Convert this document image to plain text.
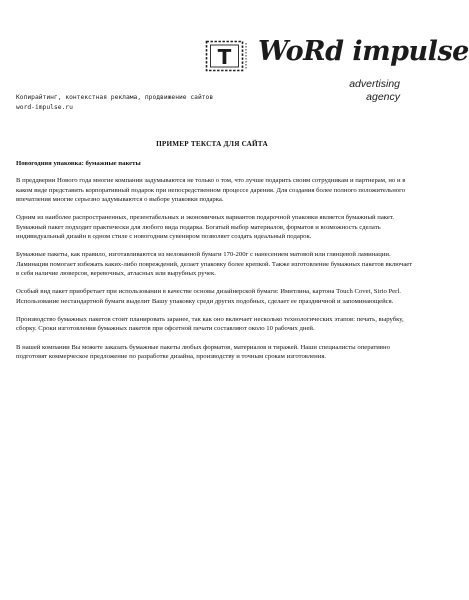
T WoRd impulse
advertising
agency
Копирайтинг, контекстная реклама, продвижение сайтов
word-impulse.ru
ПРИМЕР ТЕКСТА ДЛЯ САЙТА

Новогодняя упаковка: бумажные пакеты

В преддверии Нового года многие компании задумываются не только о том, что лучше подарить своим сотрудникам и партнерам, но и в каком виде представить корпоративный подарок при непосредственном процессе дарения. Для создания более полного положительного впечатления многие серьезно задумываются о выборе упаковки подарка.

Одним из наиболее распространенных, презентабельных и экономичных вариантов подарочной упаковки является бумажный пакет. Бумажный пакет подходит практически для любого вида подарка. Богатый выбор материалов, форматов и возможность сделать индивидуальный дизайн в одном стиле с новогодним сувениром позволяет создать идеальный подарок.

Бумажные пакеты, как правило, изготавливаются из мелованной бумаги 170-200г с нанесением матовой или глянцевой ламинации. Ламинация помогает избежать каких-либо повреждений, делает упаковку более крепкой. Также изготовление бумажных пакетов включает в себя наличие люверсов, веревочных, атласных или вырубных ручек.

Особый вид пакет приобретает при использовании в качестве основы дизайнерской бумаги: Имитлина, картона Touch Covet, Sirio Perl. Использование нестандартной бумаги выделит Вашу упаковку среди других подобных, сделает ее праздничной и запоминающейся.

Производство бумажных пакетов стоит планировать заранее, так как оно включает несколько технологических этапов: печать, вырубку, сборку. Сроки изготовления бумажных пакетов при офсетной печати составляют около 10 рабочих дней.

В нашей компании Вы можете заказать бумажные пакеты любых форматов, материалов и тиражей. Наши специалисты оперативно подготовят коммерческое предложение по разработке дизайна, производству и точным срокам изготовления.
